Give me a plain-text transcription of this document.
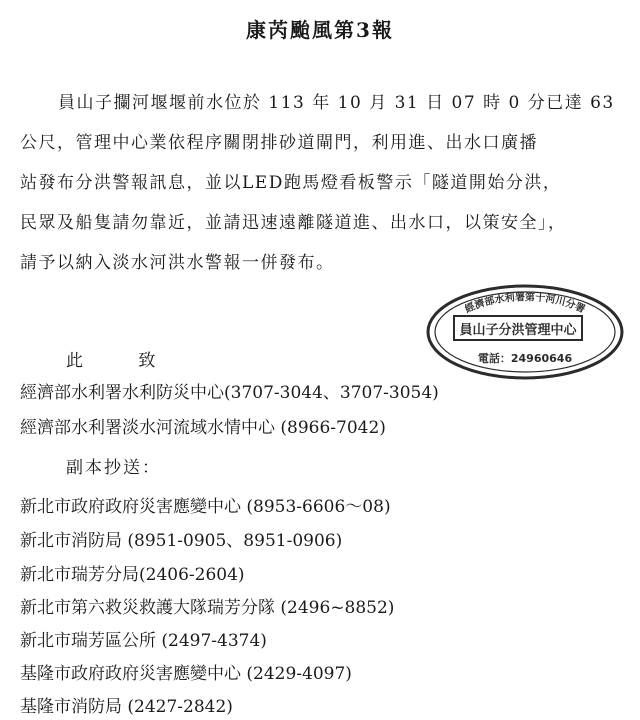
康芮颱風第3報
員山子攔河堰堰前水位於 113 年 10 月 31 日 07 時 0 分已達 63
公尺，管理中心業依程序關閉排砂道閘門，利用進、出水口廣播
站發布分洪警報訊息，並以LED跑馬燈看板警示「隧道開始分洪，
民眾及船隻請勿靠近，並請迅速遠離隧道進、出水口，以策安全」，
請予以納入淡水河洪水警報一併發布。
此	致
經濟部水利署水利防災中心(3707-3044、3707-3054)
經濟部水利署淡水河流域水情中心 (8966-7042)
副本抄送：
新北市政府政府災害應變中心 (8953-6606～08)
新北市消防局 (8951-0905、8951-0906)
新北市瑞芳分局(2406-2604)
新北市第六救災救護大隊瑞芳分隊 (2496~8852)
新北市瑞芳區公所 (2497-4374)
基隆市政府政府災害應變中心 (2429-4097)
基隆市消防局 (2427-2842)
經濟部水利署第十河川分署
員山子分洪管理中心
電話：24960646
